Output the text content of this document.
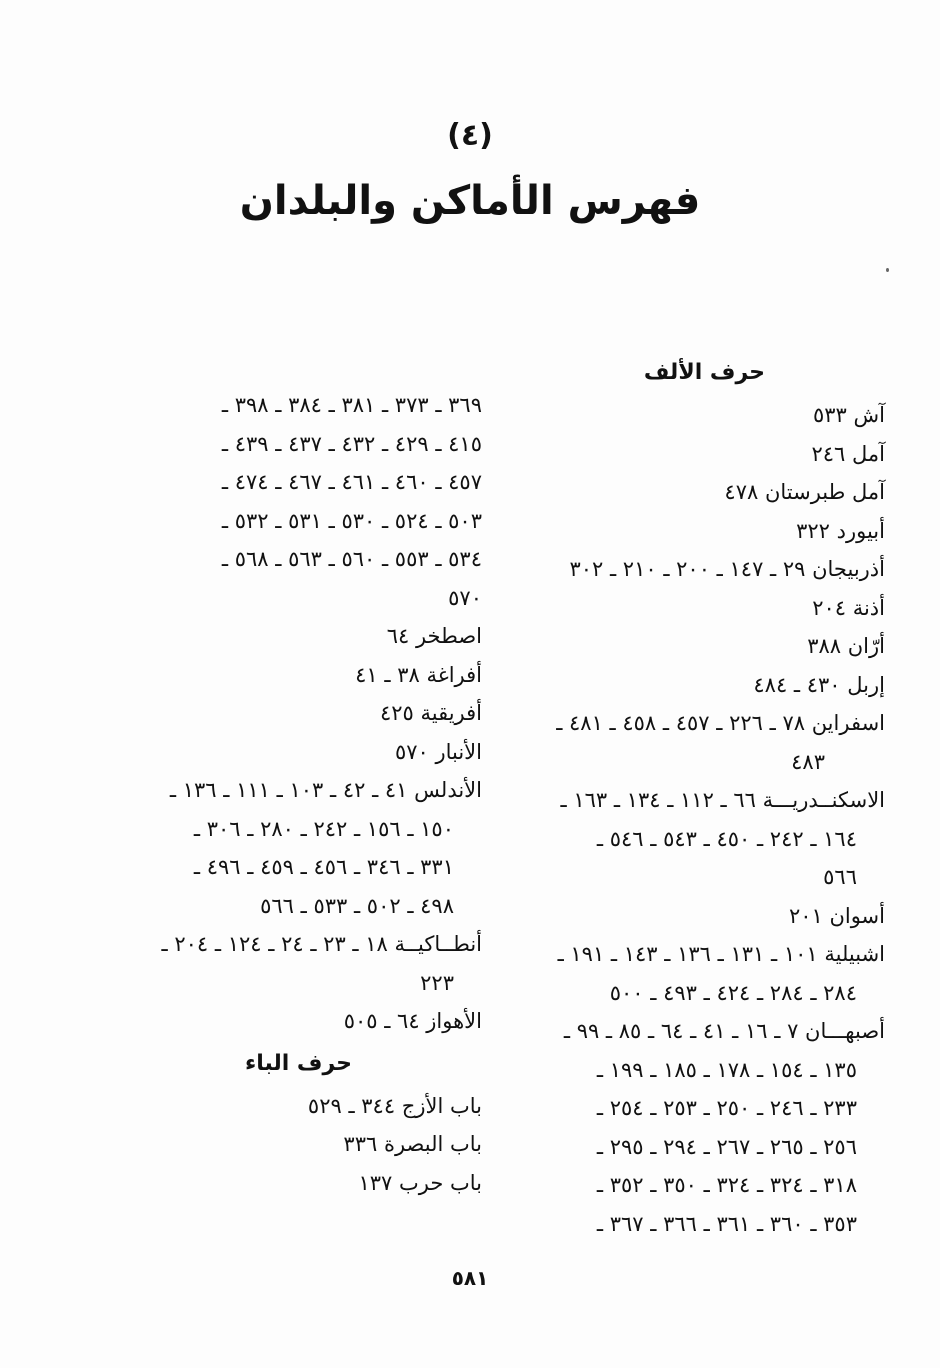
(٤)
فهرس الأماكن والبلدان
حرف الألف
آش ٥٣٣
آمل ٢٤٦
آمل طبرستان ٤٧٨
أبيورد ٣٢٢
أذربيجان ٢٩ ـ ١٤٧ ـ ٢٠٠ ـ ٢١٠ ـ ٣٠٢
أذنة ٢٠٤
أرّان ٣٨٨
إربل ٤٣٠ ـ ٤٨٤
اسفراين ٧٨ ـ ٢٢٦ ـ ٤٥٧ ـ ٤٥٨ ـ ٤٨١ ـ
٤٨٣
الاسكنــدريـــة ٦٦ ـ ١١٢ ـ ١٣٤ ـ ١٦٣ ـ
١٦٤ ـ ٢٤٢ ـ ٤٥٠ ـ ٥٤٣ ـ ٥٤٦ ـ
٥٦٦
أسوان ٢٠١
اشبيلية ١٠١ ـ ١٣١ ـ ١٣٦ ـ ١٤٣ ـ ١٩١ ـ
٢٨٤ ـ ٢٨٤ ـ ٤٢٤ ـ ٤٩٣ ـ ٥٠٠
أصبهـــان ٧ ـ ١٦ ـ ٤١ ـ ٦٤ ـ ٨٥ ـ ٩٩ ـ
١٣٥ ـ ١٥٤ ـ ١٧٨ ـ ١٨٥ ـ ١٩٩ ـ
٢٣٣ ـ ٢٤٦ ـ ٢٥٠ ـ ٢٥٣ ـ ٢٥٤ ـ
٢٥٦ ـ ٢٦٥ ـ ٢٦٧ ـ ٢٩٤ ـ ٢٩٥ ـ
٣١٨ ـ ٣٢٤ ـ ٣٢٤ ـ ٣٥٠ ـ ٣٥٢ ـ
٣٥٣ ـ ٣٦٠ ـ ٣٦١ ـ ٣٦٦ ـ ٣٦٧ ـ
٣٦٩ ـ ٣٧٣ ـ ٣٨١ ـ ٣٨٤ ـ ٣٩٨ ـ
٤١٥ ـ ٤٢٩ ـ ٤٣٢ ـ ٤٣٧ ـ ٤٣٩ ـ
٤٥٧ ـ ٤٦٠ ـ ٤٦١ ـ ٤٦٧ ـ ٤٧٤ ـ
٥٠٣ ـ ٥٢٤ ـ ٥٣٠ ـ ٥٣١ ـ ٥٣٢ ـ
٥٣٤ ـ ٥٥٣ ـ ٥٦٠ ـ ٥٦٣ ـ ٥٦٨ ـ
٥٧٠
اصطخر ٦٤
أفراغة ٣٨ ـ ٤١
أفريقية ٤٢٥
الأنبار ٥٧٠
الأندلس ٤١ ـ ٤٢ ـ ١٠٣ ـ ١١١ ـ ١٣٦ ـ
١٥٠ ـ ١٥٦ ـ ٢٤٢ ـ ٢٨٠ ـ ٣٠٦ ـ
٣٣١ ـ ٣٤٦ ـ ٤٥٦ ـ ٤٥٩ ـ ٤٩٦ ـ
٤٩٨ ـ ٥٠٢ ـ ٥٣٣ ـ ٥٦٦
أنطــاكيــة ١٨ ـ ٢٣ ـ ٢٤ ـ ١٢٤ ـ ٢٠٤ ـ
٢٢٣
الأهواز ٦٤ ـ ٥٠٥
حرف الباء
باب الأزج ٣٤٤ ـ ٥٢٩
باب البصرة ٣٣٦
باب حرب ١٣٧
٥٨١
